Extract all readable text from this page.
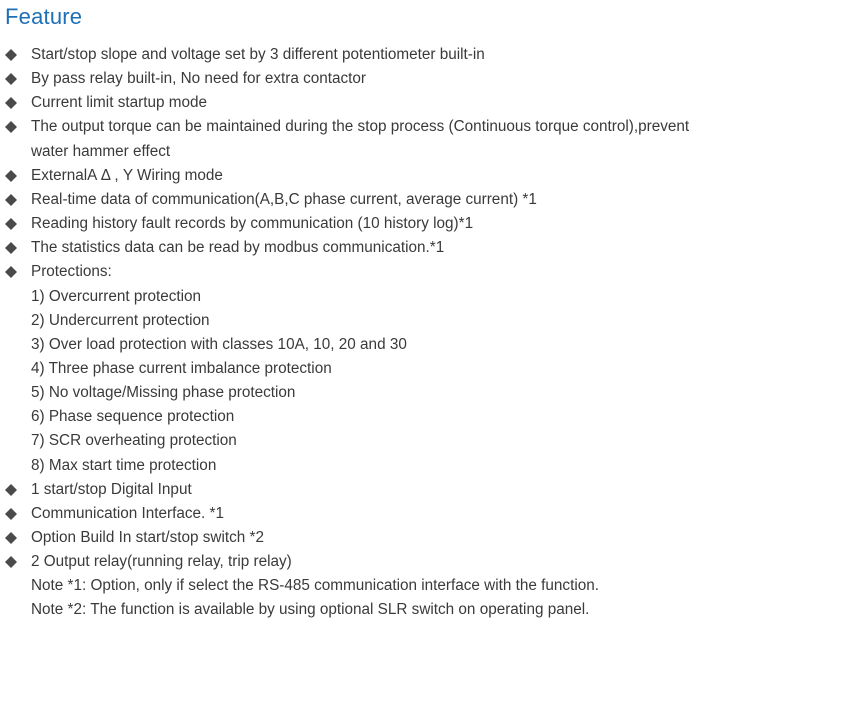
Feature
Start/stop slope and voltage set by 3 different potentiometer built-in
By pass relay built-in, No need for extra contactor
Current limit startup mode
The output torque can be maintained during the stop process (Continuous torque control),prevent
water hammer effect
ExternalA Δ , Y Wiring mode
Real-time data of communication(A,B,C phase current, average current) *1
Reading history fault records by communication (10 history log)*1
The statistics data can be read by modbus communication.*1
Protections:
1) Overcurrent protection
2) Undercurrent protection
3) Over load protection with classes 10A, 10, 20 and 30
4) Three phase current imbalance protection
5) No voltage/Missing phase protection
6) Phase sequence protection
7) SCR overheating protection
8) Max start time protection
1 start/stop Digital Input
Communication Interface. *1
Option Build In start/stop switch *2
2 Output relay(running relay, trip relay)
Note *1: Option, only if select the RS-485 communication interface with the function.
Note *2: The function is available by using optional SLR switch on operating panel.
